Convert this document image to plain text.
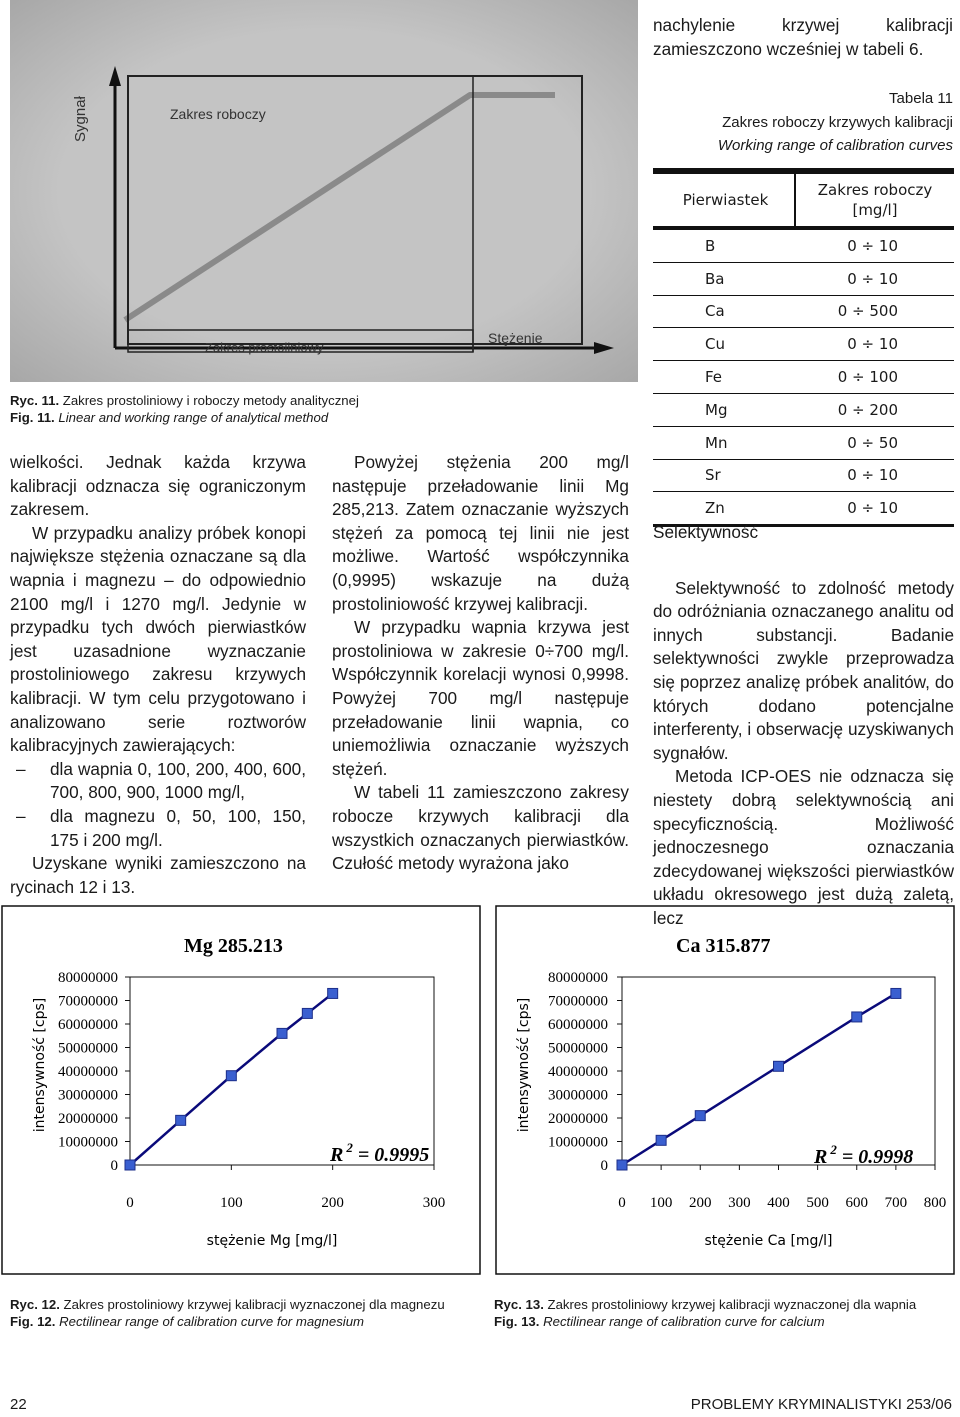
Sygnał	Zakres roboczy
Stężenie
Zakres prostoliniowy
Ryc. 11. Zakres prostoliniowy i roboczy metody analitycznej
Fig. 11. Linear and working range of analytical method

nachylenie krzywej kalibracji zamieszczono wcześniej w tabeli 6.

Tabela 11
Zakres roboczy krzywych kalibracji
Working range of calibration curves

Pierwiastek	Zakres roboczy
[mg/l]

B	0 ÷ 10
Ba	0 ÷ 10
Ca	0 ÷ 500
Cu	0 ÷ 10
Fe	0 ÷ 100
Mg	0 ÷ 200
Mn	0 ÷ 50
Sr	0 ÷ 10
Zn	0 ÷ 10

wielkości. Jednak każda krzywa kalibracji odznacza się ograniczonym zakresem.

W przypadku analizy próbek konopi największe stężenia oznaczane są dla wapnia i magnezu – do odpowiednio 2100 mg/l i 1270 mg/l. Jedynie w przypadku tych dwóch pierwiastków jest uzasadnione wyznaczanie prostoliniowego zakresu krzywych kalibracji. W tym celu przygotowano i analizowano serie roztworów kalibracyjnych zawierających:

– dla wapnia 0, 100, 200, 400, 600, 700, 800, 900, 1000 mg/l,
– dla magnezu 0, 50, 100, 150, 175 i 200 mg/l.

Uzyskane wyniki zamieszczono na rycinach 12 i 13.

Powyżej stężenia 200 mg/l następuje przeładowanie linii Mg 285,213. Zatem oznaczanie wyższych stężeń za pomocą tej linii nie jest możliwe. Wartość współczynnika (0,9995) wskazuje na dużą prostoliniowość krzywej kalibracji.

W przypadku wapnia krzywa jest prostoliniowa w zakresie 0÷700 mg/l. Współczynnik korelacji wynosi 0,9998. Powyżej 700 mg/l następuje przeładowanie linii wapnia, co uniemożliwia oznaczanie wyższych stężeń.

W tabeli 11 zamieszczono zakresy robocze krzywych kalibracji dla wszystkich oznaczanych pierwiastków. Czułość metody wyrażona jako

Selektywność

Selektywność to zdolność metody do odróżniania oznaczanego analitu od innych substancji. Badanie selektywności zwykle przeprowadza się poprzez analizę próbek analitów, do których dodano potencjalne interferenty, i obserwację uzyskiwanych sygnałów.

Metoda ICP-OES nie odznacza się niestety dobrą selektywnością ani specyficznością. Możliwość jednoczesnego oznaczania zdecydowanej większości pierwiastków układu okresowego jest dużą zaletą, lecz

Mg 285.213
0
10000000
20000000
30000000
40000000
50000000
60000000
70000000
80000000
0	100	200	300
stężenie Mg [mg/l]
intensywność [cps]
R $^2$ = 0.9995
Ca 315.877
0
10000000
20000000
30000000
40000000
50000000
60000000
70000000
80000000
0 100 200 300 400 500 600 700 800
stężenie Ca [mg/l]
intensywność [cps]
R $^2$ = 0.9998
Ryc. 12. Zakres prostoliniowy krzywej kalibracji wyznaczonej dla magnezu
Fig. 12. Rectilinear range of calibration curve for magnesium
Ryc. 13. Zakres prostoliniowy krzywej kalibracji wyznaczonej dla wapnia
Fig. 13. Rectilinear range of calibration curve for calcium
22	PROBLEMY KRYMINALISTYKI 253/06
